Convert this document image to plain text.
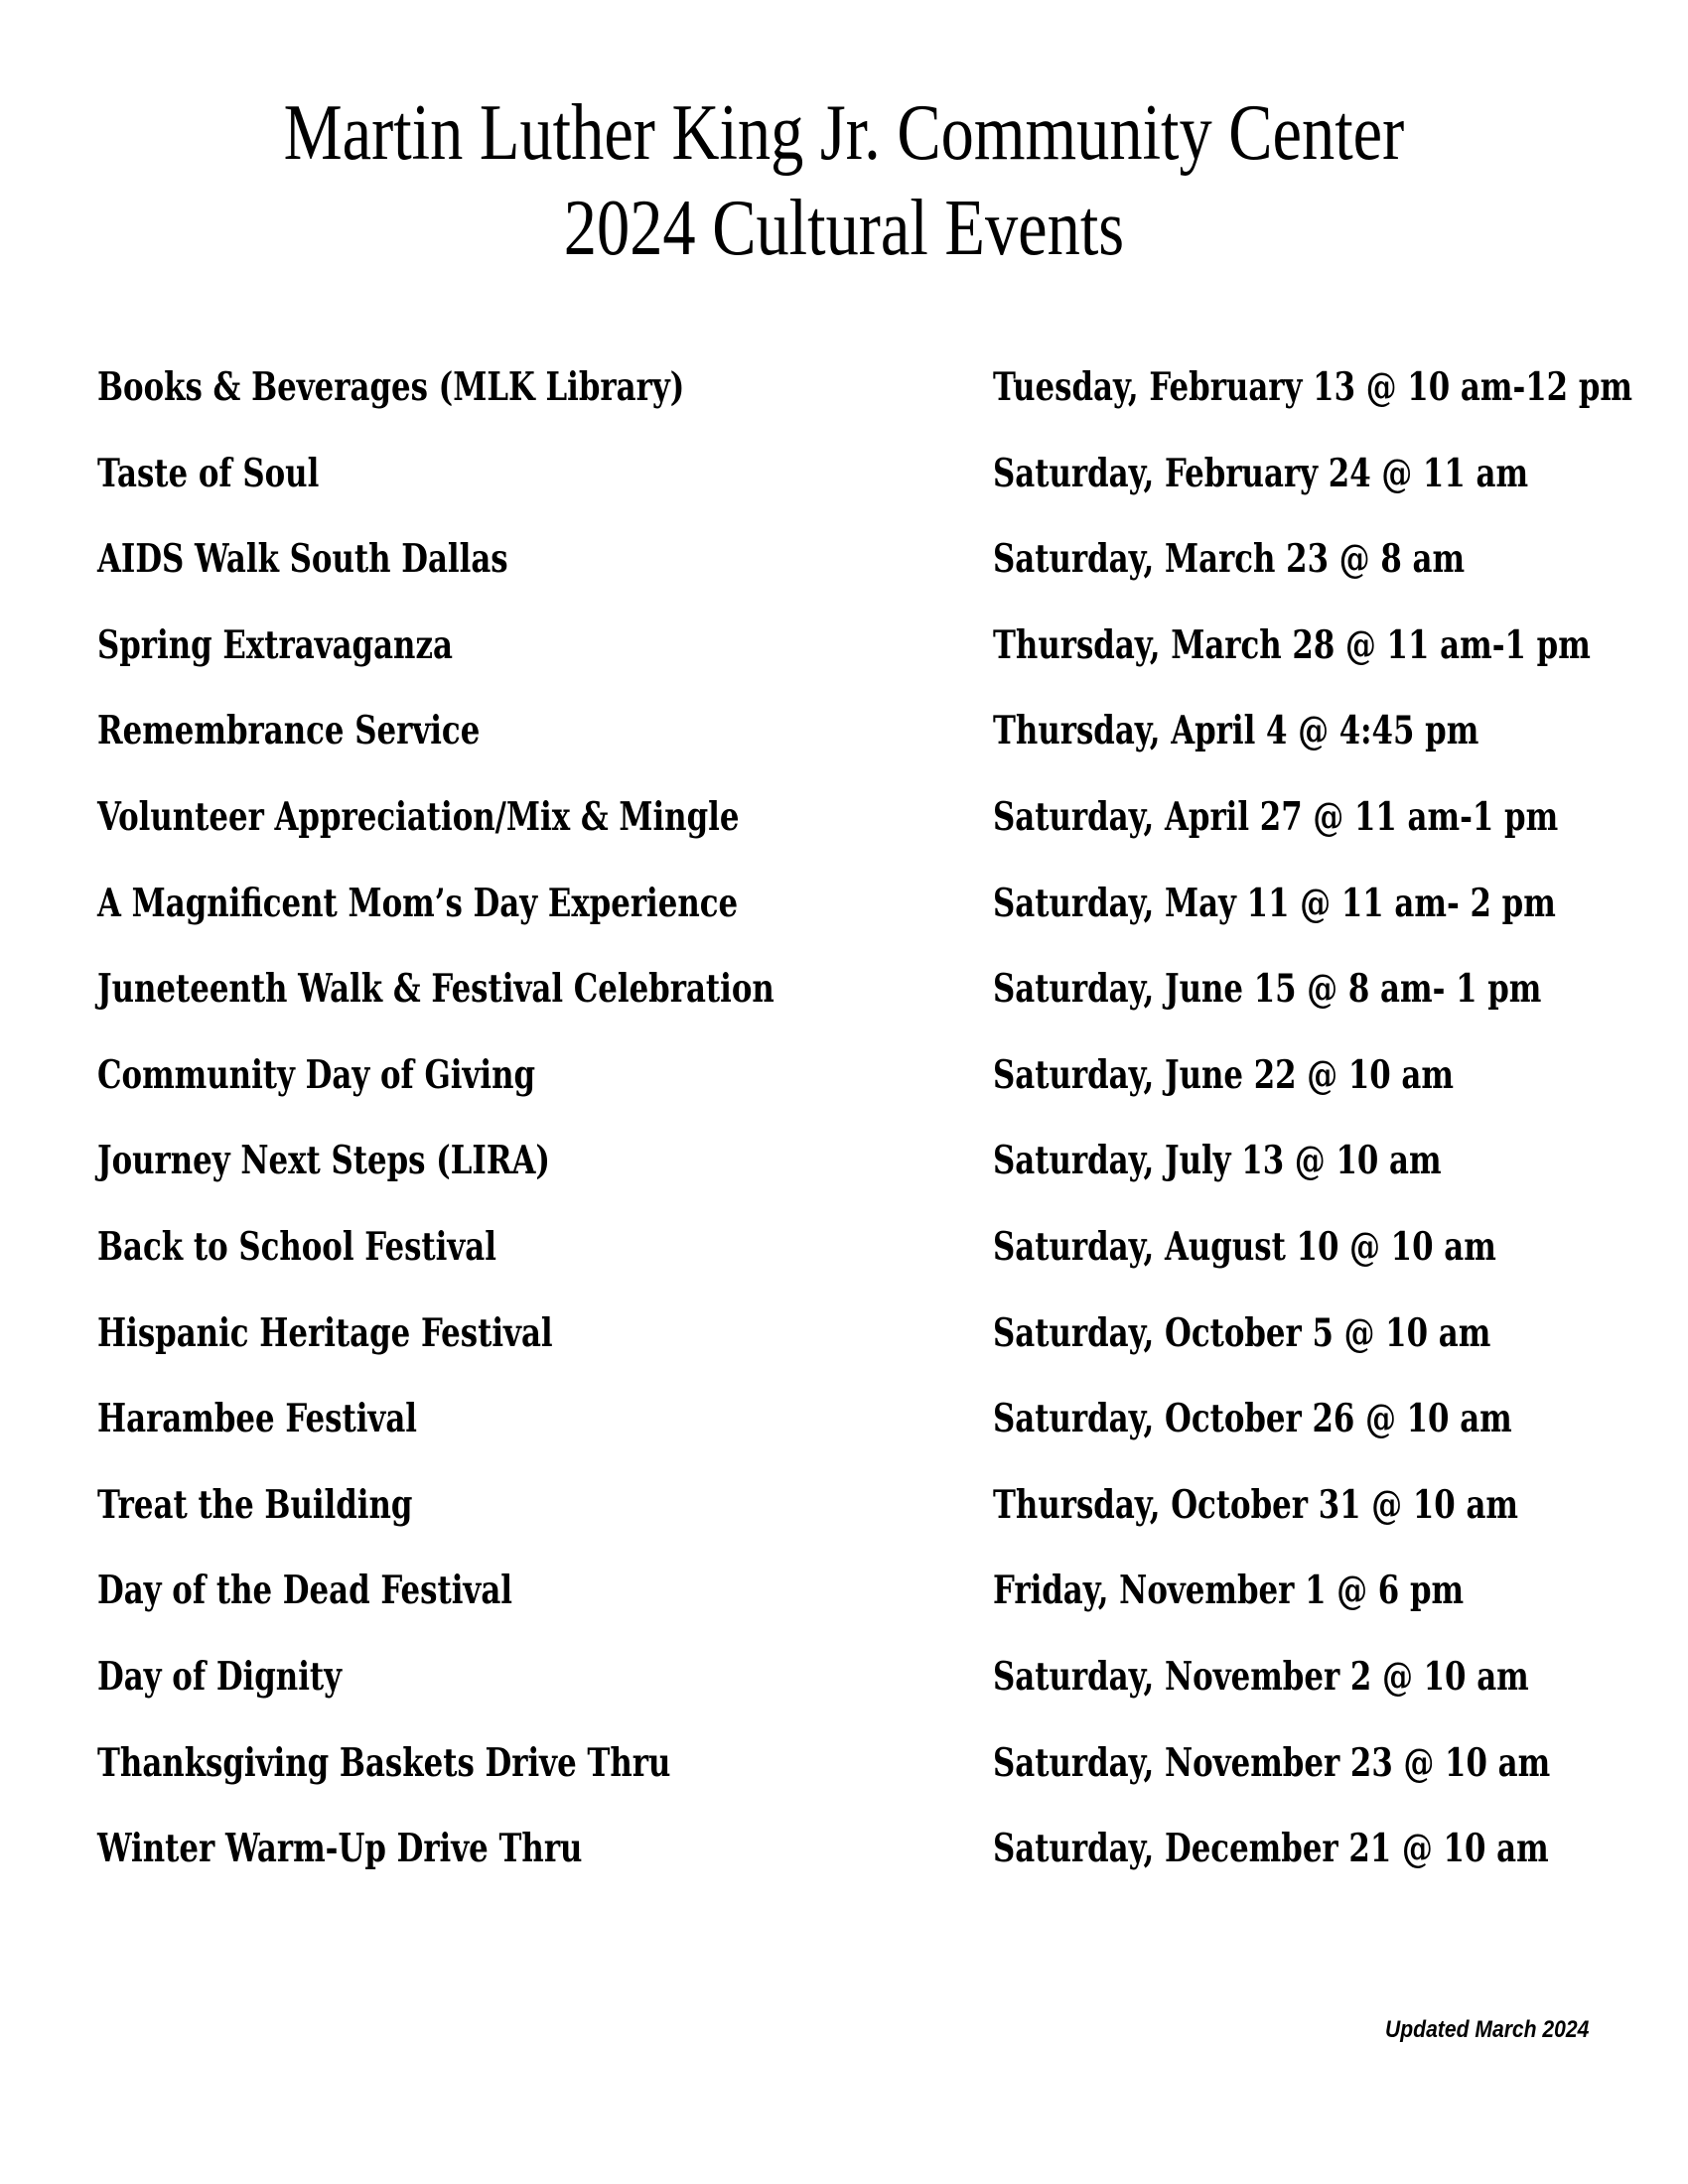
Martin Luther King Jr. Community Center
2024 Cultural Events
Books & Beverages (MLK Library)	Tuesday, February 13 @ 10 am-12 pm
Taste of Soul	Saturday, February 24 @ 11 am
AIDS Walk South Dallas	Saturday, March 23 @ 8 am
Spring Extravaganza	Thursday, March 28 @ 11 am-1 pm
Remembrance Service	Thursday, April 4 @ 4:45 pm
Volunteer Appreciation/Mix & Mingle	Saturday, April 27 @ 11 am-1 pm
A Magnificent Mom’s Day Experience	Saturday, May 11 @ 11 am- 2 pm
Juneteenth Walk & Festival Celebration	Saturday, June 15 @ 8 am- 1 pm
Community Day of Giving	Saturday, June 22 @ 10 am
Journey Next Steps (LIRA)	Saturday, July 13 @ 10 am
Back to School Festival	Saturday, August 10 @ 10 am
Hispanic Heritage Festival	Saturday, October 5 @ 10 am
Harambee Festival	Saturday, October 26 @ 10 am
Treat the Building	Thursday, October 31 @ 10 am
Day of the Dead Festival	Friday, November 1 @ 6 pm
Day of Dignity	Saturday, November 2 @ 10 am
Thanksgiving Baskets Drive Thru	Saturday, November 23 @ 10 am
Winter Warm-Up Drive Thru	Saturday, December 21 @ 10 am
Updated March 2024
